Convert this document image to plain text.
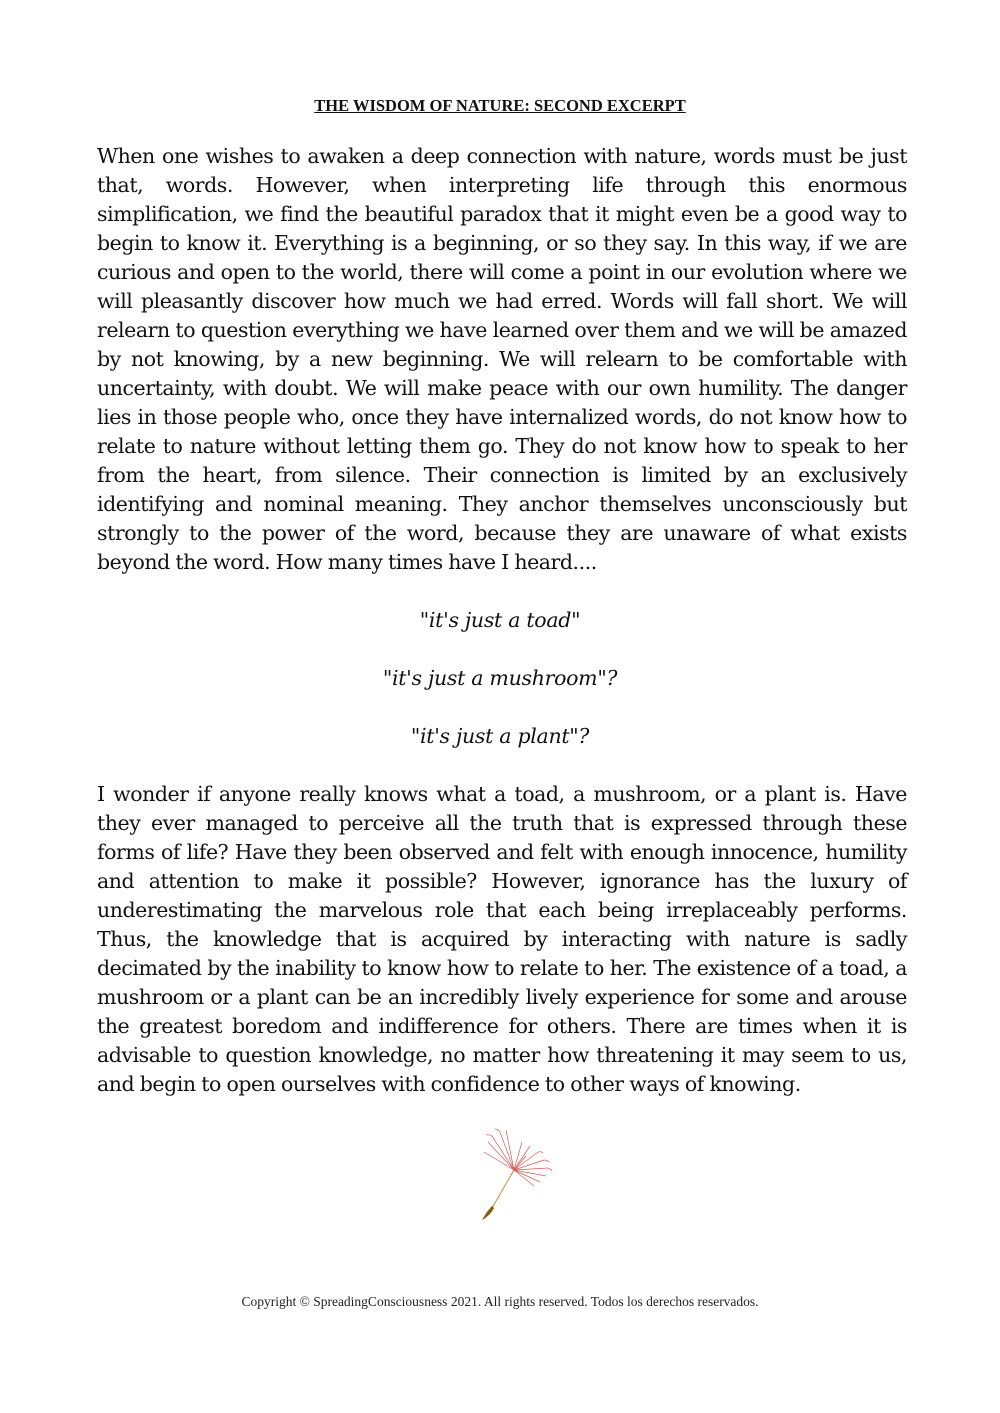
THE WISDOM OF NATURE: SECOND EXCERPT

When one wishes to awaken a deep connection with nature, words must be just that, words. However, when interpreting life through this enormous simplification, we find the beautiful paradox that it might even be a good way to begin to know it. Everything is a beginning, or so they say. In this way, if we are curious and open to the world, there will come a point in our evolution where we will pleasantly discover how much we had erred. Words will fall short. We will relearn to question everything we have learned over them and we will be amazed by not knowing, by a new beginning. We will relearn to be comfortable with uncertainty, with doubt. We will make peace with our own humility. The danger lies in those people who, once they have internalized words, do not know how to relate to nature without letting them go. They do not know how to speak to her from the heart, from silence. Their connection is limited by an exclusively identifying and nominal meaning. They anchor themselves unconsciously but strongly to the power of the word, because they are unaware of what exists beyond the word. How many times have I heard....

"it's just a toad"
"it's just a mushroom"?
"it's just a plant"?

I wonder if anyone really knows what a toad, a mushroom, or a plant is. Have they ever managed to perceive all the truth that is expressed through these forms of life? Have they been observed and felt with enough innocence, humility and attention to make it possible? However, ignorance has the luxury of underestimating the marvelous role that each being irreplaceably performs. Thus, the knowledge that is acquired by interacting with nature is sadly decimated by the inability to know how to relate to her. The existence of a toad, a mushroom or a plant can be an incredibly lively experience for some and arouse the greatest boredom and indifference for others. There are times when it is advisable to question knowledge, no matter how threatening it may seem to us, and begin to open ourselves with confidence to other ways of knowing.

Copyright © SpreadingConsciousness 2021. All rights reserved. Todos los derechos reservados.
